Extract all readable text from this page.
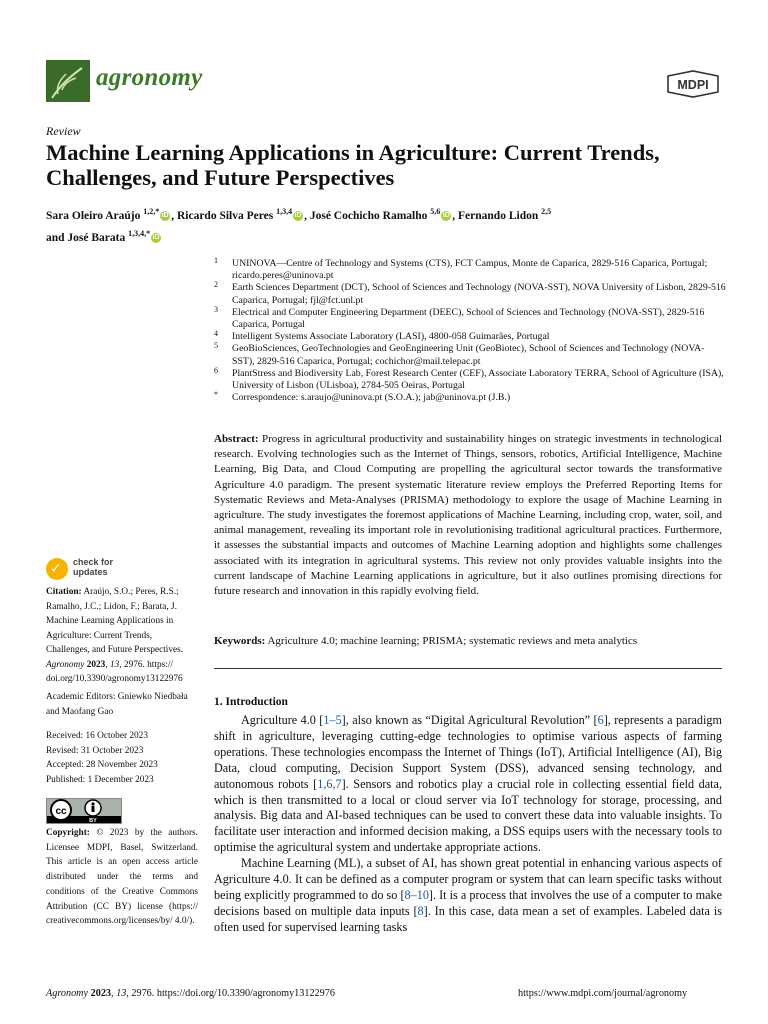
agronomy	MDPI
Review
Machine Learning Applications in Agriculture: Current Trends,
Challenges, and Future Perspectives
Sara Oleiro Araújo $^{1,2,*}$ iD , Ricardo Silva Peres $^{1,3,4}$ iD , José Cochicho Ramalho $^{5,6}$ iD , Fernando Lidon $^{2,5}$
and José Barata $^{1,3,4,*}$ iD
1 UNINOVA—Centre of Technology and Systems (CTS), FCT Campus, Monte de Caparica, 2829-516 Caparica, Portugal; ricardo.peres@uninova.pt
2 Earth Sciences Department (DCT), School of Sciences and Technology (NOVA-SST), NOVA University of Lisbon, 2829-516 Caparica, Portugal; fjl@fct.unl.pt
3 Electrical and Computer Engineering Department (DEEC), School of Sciences and Technology (NOVA-SST), 2829-516 Caparica, Portugal
4 Intelligent Systems Associate Laboratory (LASI), 4800-058 Guimarães, Portugal
5 GeoBioSciences, GeoTechnologies and GeoEngineering Unit (GeoBiotec), School of Sciences and Technology (NOVA-SST), 2829-516 Caparica, Portugal; cochichor@mail.telepac.pt
6 PlantStress and Biodiversity Lab, Forest Research Center (CEF), Associate Laboratory TERRA, School of Agriculture (ISA), University of Lisbon (ULisboa), 2784-505 Oeiras, Portugal
* Correspondence: s.araujo@uninova.pt (S.O.A.); jab@uninova.pt (J.B.)
Abstract: Progress in agricultural productivity and sustainability hinges on strategic investments in technological research. Evolving technologies such as the Internet of Things, sensors, robotics, Artificial Intelligence, Machine Learning, Big Data, and Cloud Computing are propelling the agricultural sector towards the transformative Agriculture 4.0 paradigm. The present systematic literature review employs the Preferred Reporting Items for Systematic Reviews and Meta-Analyses (PRISMA) methodology to explore the usage of Machine Learning in agriculture. The study investigates the foremost applications of Machine Learning, including crop, water, soil, and animal management, revealing its important role in revolutionising traditional agricultural practices. Furthermore, it assesses the substantial impacts and outcomes of Machine Learning adoption and highlights some challenges associated with its integration in agricultural systems. This review not only provides valuable insights into the current landscape of Machine Learning applications in agriculture, but it also outlines promising directions for future research and innovation in this rapidly evolving field.
Keywords: Agriculture 4.0; machine learning; PRISMA; systematic reviews and meta analytics
1. Introduction

Agriculture 4.0 [1–5], also known as “Digital Agricultural Revolution” [6], represents a paradigm shift in agriculture, leveraging cutting-edge technologies to optimise various aspects of farming operations. These technologies encompass the Internet of Things (IoT), Artificial Intelligence (AI), Big Data, cloud computing, Decision Support System (DSS), advanced sensing technology, and autonomous robots [1,6,7]. Sensors and robotics play a crucial role in collecting essential field data, which is then transmitted to a local or cloud server via IoT technology for storage, processing, and analysis. Big data and AI-based techniques can be used to convert these data into valuable insights. To facilitate user interaction and informed decision making, a DSS equips users with the necessary tools to optimise the agricultural system and undertake appropriate actions.

Machine Learning (ML), a subset of AI, has shown great potential in enhancing various aspects of Agriculture 4.0. It can be defined as a computer program or system that can learn specific tasks without being explicitly programmed to do so [8–10]. It is a process that involves the use of a computer to make decisions based on multiple data inputs [8]. In this case, data mean a set of examples. Labeled data is often used for supervised learning tasks

✓ check for
updates
Citation: Araújo, S.O.; Peres, R.S.; Ramalho, J.C.; Lidon, F.; Barata, J. Machine Learning Applications in Agriculture: Current Trends, Challenges, and Future Perspectives. Agronomy 2023, 13, 2976. https:// doi.org/10.3390/agronomy13122976
Academic Editors: Gniewko Niedbała and Maofang Gao
Received: 16 October 2023
Revised: 31 October 2023
Accepted: 28 November 2023
Published: 1 December 2023
cc
BY
Copyright: © 2023 by the authors. Licensee MDPI, Basel, Switzerland. This article is an open access article distributed under the terms and conditions of the Creative Commons Attribution (CC BY) license (https:// creativecommons.org/licenses/by/ 4.0/).
Agronomy 2023, 13, 2976. https://doi.org/10.3390/agronomy13122976	https://www.mdpi.com/journal/agronomy
